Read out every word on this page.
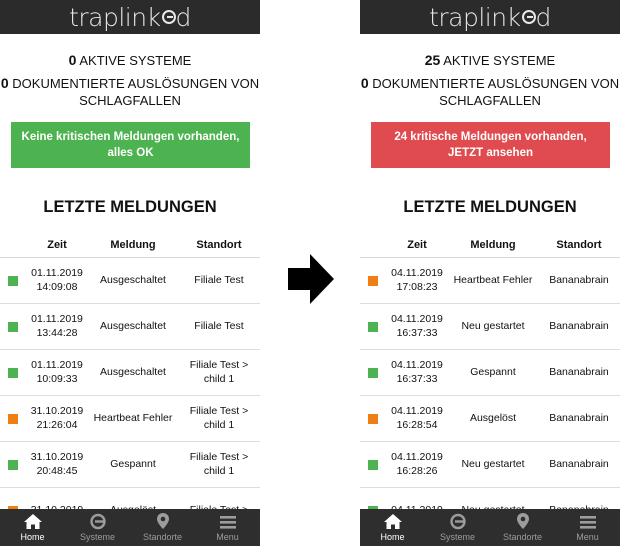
traplink d
0 AKTIVE SYSTEME
0 DOKUMENTIERTE AUSLÖSUNGEN VON SCHLAGFALLEN
Keine kritischen Meldungen vorhanden, alles OK
LETZTE MELDUNGEN
Zeit	Meldung	Standort
01.11.2019
14:09:08
Ausgeschaltet	Filiale Test
01.11.2019
13:44:28
Ausgeschaltet	Filiale Test
01.11.2019
10:09:33
Ausgeschaltet
Filiale Test > child 1
31.10.2019
21:26:04
Heartbeat Fehler
Filiale Test > child 1
31.10.2019
20:48:45
Gespannt
Filiale Test > child 1
Home	Systeme	Standorte	Menu
traplink d
25 AKTIVE SYSTEME
0 DOKUMENTIERTE AUSLÖSUNGEN VON SCHLAGFALLEN
24 kritische Meldungen vorhanden, JETZT ansehen
LETZTE MELDUNGEN
Zeit	Meldung	Standort
04.11.2019
17:08:23
Heartbeat Fehler	Bananabrain
04.11.2019
16:37:33
Neu gestartet	Bananabrain
04.11.2019
16:37:33
Gespannt	Bananabrain
04.11.2019
16:28:54
Ausgelöst	Bananabrain
04.11.2019
16:28:26
Neu gestartet	Bananabrain
Home	Systeme	Standorte	Menu
